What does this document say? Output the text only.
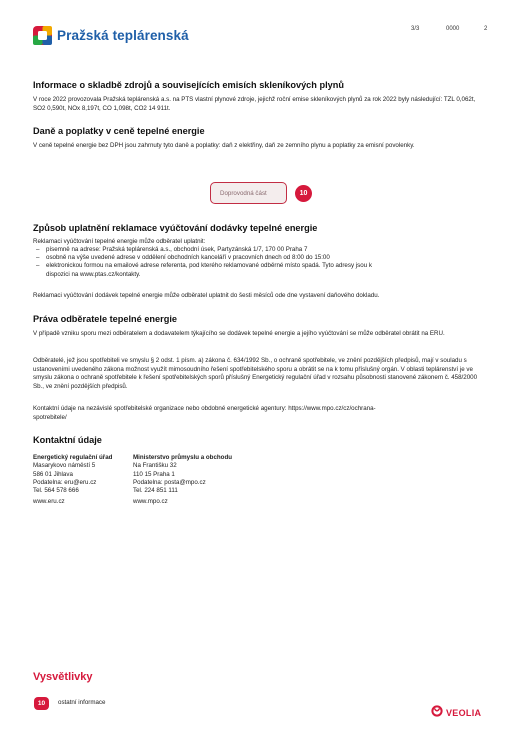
Pražská teplárenská	3/3	0000	2
Informace o skladbě zdrojů a souvisejících emisích skleníkových plynů

V roce 2022 provozovala Pražská teplárenská a.s. na PTS vlastní plynové zdroje, jejichž roční emise skleníkových plynů za rok 2022 byly následující: TZL 0,062t, SO2 0,590t, NOx 8,197t, CO 1,098t, CO2 14 911t.

Daně a poplatky v ceně tepelné energie

V ceně tepelné energie bez DPH jsou zahrnuty tyto daně a poplatky: daň z elektřiny, daň ze zemního plynu a poplatky za emisní povolenky.

Doprovodná část	10
Způsob uplatnění reklamace vyúčtování dodávky tepelné energie
Reklamaci vyúčtování tepelné energie může odběratel uplatnit:
– písemně na adrese: Pražská teplárenská a.s., obchodní úsek, Partyzánská 1/7, 170 00 Praha 7
– osobně na výše uvedené adrese v oddělení obchodních kanceláří v pracovních dnech od 8:00 do 15:00
– elektronickou formou na emailové adrese referenta, pod kterého reklamované odběrné místo spadá. Tyto adresy jsou k dispozici na www.ptas.cz/kontakty.

Reklamaci vyúčtování dodávek tepelné energie může odběratel uplatnit do šesti měsíců ode dne vystavení daňového dokladu.

Práva odběratele tepelné energie

V případě vzniku sporu mezi odběratelem a dodavatelem týkajícího se dodávek tepelné energie a jejího vyúčtování se může odběratel obrátit na ERU.

Odběratelé, jež jsou spotřebiteli ve smyslu § 2 odst. 1 písm. a) zákona č. 634/1992 Sb., o ochraně spotřebitele, ve znění pozdějších předpisů, mají v souladu s ustanoveními uvedeného zákona možnost využít mimosoudního řešení spotřebitelského sporu a obrátit se na k tomu příslušný orgán. V oblasti teplárenství je ve smyslu zákona o ochraně spotřebitele k řešení spotřebitelských sporů příslušný Energetický regulační úřad v rozsahu působnosti stanovené zákonem č. 458/2000 Sb., ve znění pozdějších předpisů.

Kontaktní údaje na nezávislé spotřebitelské organizace nebo obdobné energetické agentury: https://www.mpo.cz/cz/ochrana-spotrebitele/

Kontaktní údaje
Energetický regulační úřad
Masarykovo náměstí 5
586 01 Jihlava
Podatelna: eru@eru.cz
Tel. 564 578 666
www.eru.cz
Ministerstvo průmyslu a obchodu
Na Františku 32
110 15 Praha 1
Podatelna: posta@mpo.cz
Tel. 224 851 111
www.mpo.cz
Vysvětlivky
10	ostatní informace
VEOLIA
